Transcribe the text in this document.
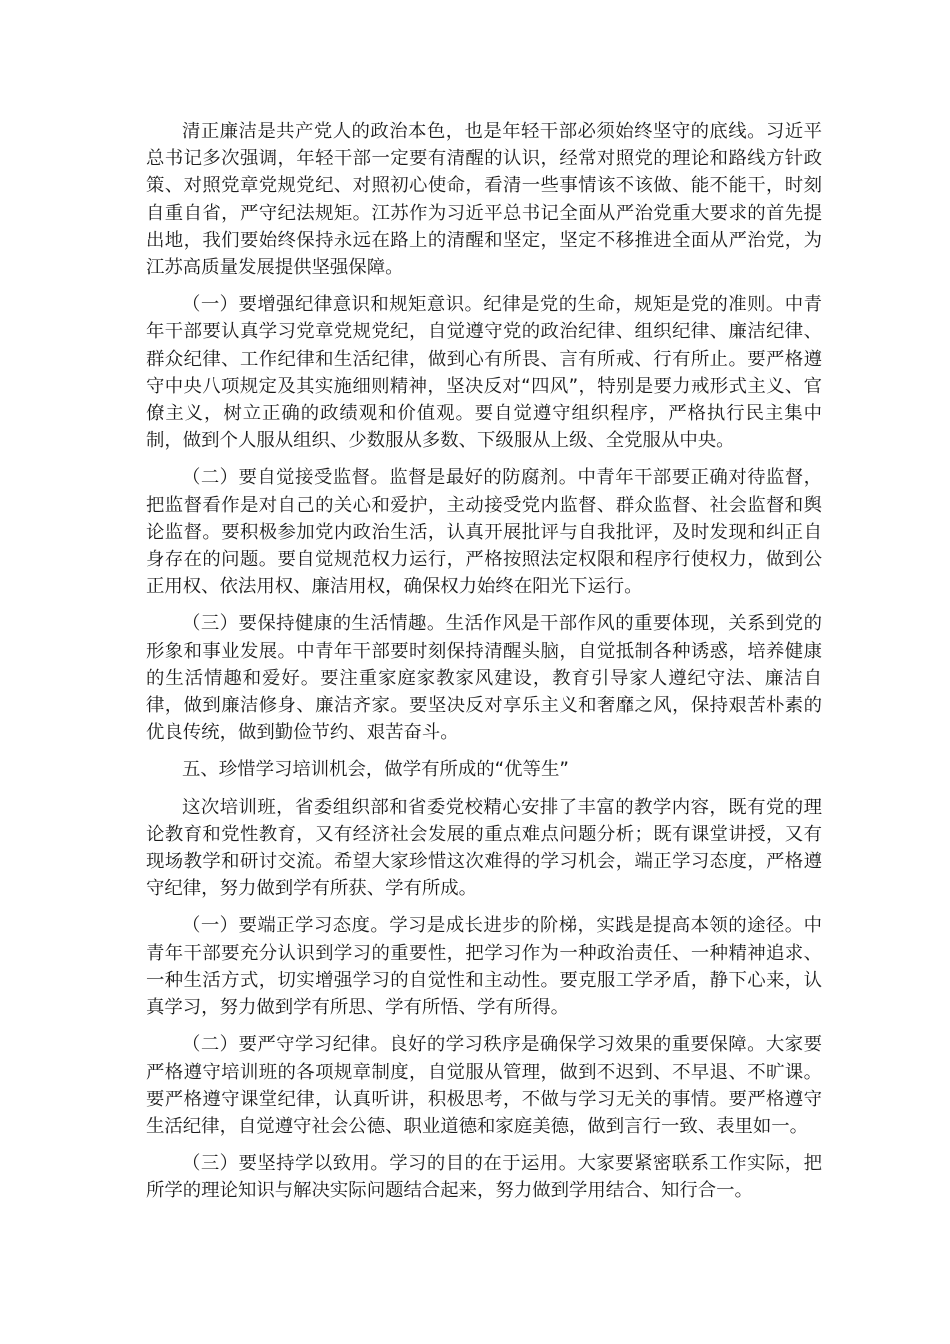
清正廉洁是共产党人的政治本色，也是年轻干部必须始终坚守的底线。习近平总书记多次强调，年轻干部一定要有清醒的认识，经常对照党的理论和路线方针政策、对照党章党规党纪、对照初心使命，看清一些事情该不该做、能不能干，时刻自重自省，严守纪法规矩。江苏作为习近平总书记全面从严治党重大要求的首先提出地，我们要始终保持永远在路上的清醒和坚定，坚定不移推进全面从严治党，为江苏高质量发展提供坚强保障。

（一）要增强纪律意识和规矩意识。纪律是党的生命，规矩是党的准则。中青年干部要认真学习党章党规党纪，自觉遵守党的政治纪律、组织纪律、廉洁纪律、群众纪律、工作纪律和生活纪律，做到心有所畏、言有所戒、行有所止。要严格遵守中央八项规定及其实施细则精神，坚决反对“四风”，特别是要力戒形式主义、官僚主义，树立正确的政绩观和价值观。要自觉遵守组织程序，严格执行民主集中制，做到个人服从组织、少数服从多数、下级服从上级、全党服从中央。

（二）要自觉接受监督。监督是最好的防腐剂。中青年干部要正确对待监督，把监督看作是对自己的关心和爱护，主动接受党内监督、群众监督、社会监督和舆论监督。要积极参加党内政治生活，认真开展批评与自我批评，及时发现和纠正自身存在的问题。要自觉规范权力运行，严格按照法定权限和程序行使权力，做到公正用权、依法用权、廉洁用权，确保权力始终在阳光下运行。

（三）要保持健康的生活情趣。生活作风是干部作风的重要体现，关系到党的形象和事业发展。中青年干部要时刻保持清醒头脑，自觉抵制各种诱惑，培养健康的生活情趣和爱好。要注重家庭家教家风建设，教育引导家人遵纪守法、廉洁自律，做到廉洁修身、廉洁齐家。要坚决反对享乐主义和奢靡之风，保持艰苦朴素的优良传统，做到勤俭节约、艰苦奋斗。

五、珍惜学习培训机会，做学有所成的“优等生”

这次培训班，省委组织部和省委党校精心安排了丰富的教学内容，既有党的理论教育和党性教育，又有经济社会发展的重点难点问题分析；既有课堂讲授，又有现场教学和研讨交流。希望大家珍惜这次难得的学习机会，端正学习态度，严格遵守纪律，努力做到学有所获、学有所成。

（一）要端正学习态度。学习是成长进步的阶梯，实践是提高本领的途径。中青年干部要充分认识到学习的重要性，把学习作为一种政治责任、一种精神追求、一种生活方式，切实增强学习的自觉性和主动性。要克服工学矛盾，静下心来，认真学习，努力做到学有所思、学有所悟、学有所得。

（二）要严守学习纪律。良好的学习秩序是确保学习效果的重要保障。大家要严格遵守培训班的各项规章制度，自觉服从管理，做到不迟到、不早退、不旷课。要严格遵守课堂纪律，认真听讲，积极思考，不做与学习无关的事情。要严格遵守生活纪律，自觉遵守社会公德、职业道德和家庭美德，做到言行一致、表里如一。

（三）要坚持学以致用。学习的目的在于运用。大家要紧密联系工作实际，把所学的理论知识与解决实际问题结合起来，努力做到学用结合、知行合一。
